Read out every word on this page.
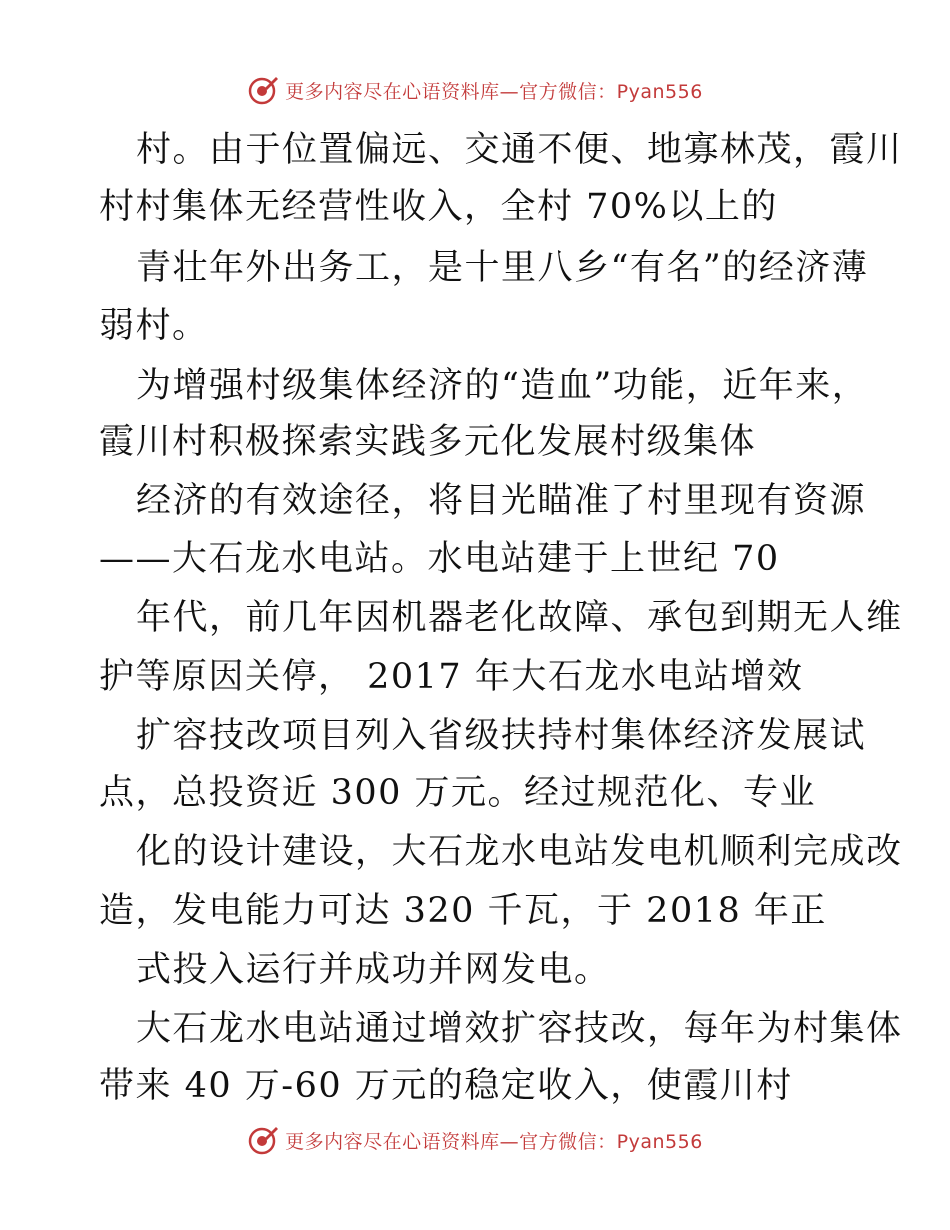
更多内容尽在心语资料库—官方微信：Pyan556
村。由于位置偏远、交通不便、地寡林茂，霞川
村村集体无经营性收入，全村 70%以上的
青壮年外出务工，是十里八乡“有名”的经济薄
弱村。
为增强村级集体经济的“造血”功能，近年来，
霞川村积极探索实践多元化发展村级集体
经济的有效途径，将目光瞄准了村里现有资源
——大石龙水电站。水电站建于上世纪 70
年代，前几年因机器老化故障、承包到期无人维
护等原因关停， 2017 年大石龙水电站增效
扩容技改项目列入省级扶持村集体经济发展试
点，总投资近 300 万元。经过规范化、专业
化的设计建设，大石龙水电站发电机顺利完成改
造，发电能力可达 320 千瓦，于 2018 年正
式投入运行并成功并网发电。
大石龙水电站通过增效扩容技改，每年为村集体
带来 40 万-60 万元的稳定收入，使霞川村
更多内容尽在心语资料库—官方微信：Pyan556
